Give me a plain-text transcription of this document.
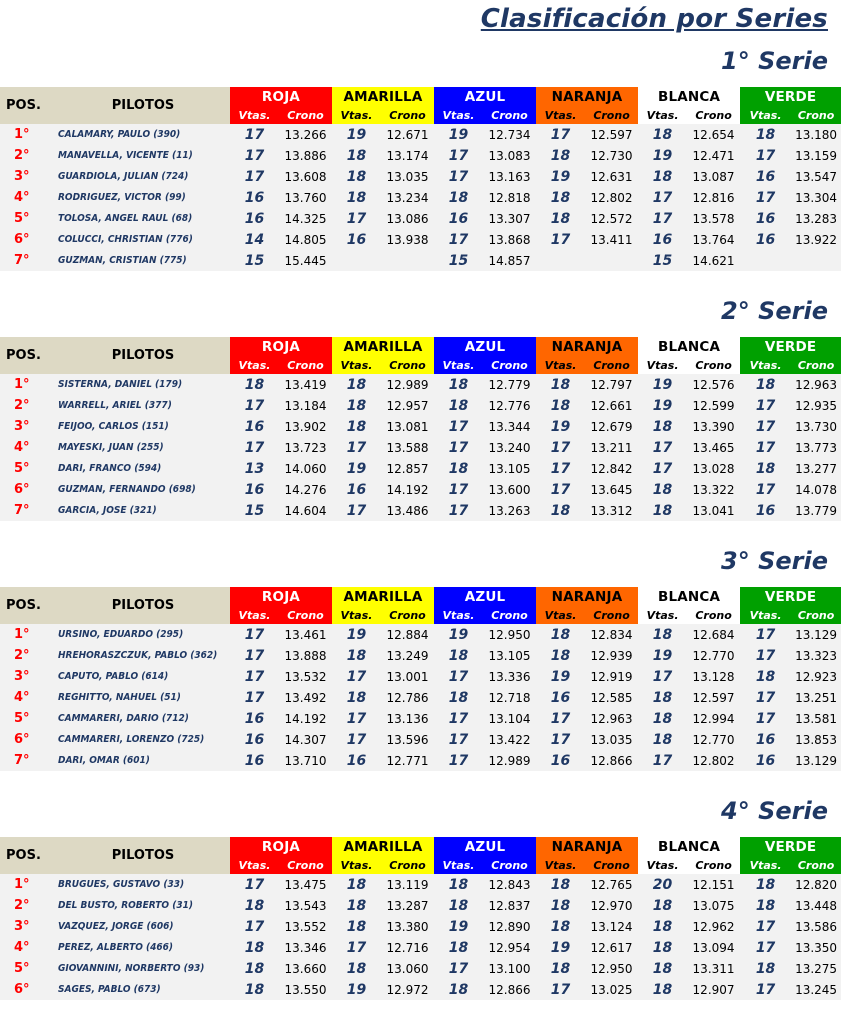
Clasificación por Series
1° Serie
POS.	PILOTOS	ROJA		AMARILLA		AZUL		NARANJA		BLANCA		VERDE	
		Vtas.	Crono	Vtas.	Crono	Vtas.	Crono	Vtas.	Crono	Vtas.	Crono	Vtas.	Crono
1°	CALAMARY, PAULO (390)	17	13.266	19	12.671	19	12.734	17	12.597	18	12.654	18	13.180
2°	MANAVELLA, VICENTE (11)	17	13.886	18	13.174	17	13.083	18	12.730	19	12.471	17	13.159
3°	GUARDIOLA, JULIAN (724)	17	13.608	18	13.035	17	13.163	19	12.631	18	13.087	16	13.547
4°	RODRIGUEZ, VICTOR (99)	16	13.760	18	13.234	18	12.818	18	12.802	17	12.816	17	13.304
5°	TOLOSA, ANGEL RAUL (68)	16	14.325	17	13.086	16	13.307	18	12.572	17	13.578	16	13.283
6°	COLUCCI, CHRISTIAN (776)	14	14.805	16	13.938	17	13.868	17	13.411	16	13.764	16	13.922
7°	GUZMAN, CRISTIAN (775)	15	15.445			15	14.857			15	14.621		
2° Serie
POS.	PILOTOS	ROJA		AMARILLA		AZUL		NARANJA		BLANCA		VERDE	
		Vtas.	Crono	Vtas.	Crono	Vtas.	Crono	Vtas.	Crono	Vtas.	Crono	Vtas.	Crono
1°	SISTERNA, DANIEL (179)	18	13.419	18	12.989	18	12.779	18	12.797	19	12.576	18	12.963
2°	WARRELL, ARIEL (377)	17	13.184	18	12.957	18	12.776	18	12.661	19	12.599	17	12.935
3°	FEIJOO, CARLOS (151)	16	13.902	18	13.081	17	13.344	19	12.679	18	13.390	17	13.730
4°	MAYESKI, JUAN (255)	17	13.723	17	13.588	17	13.240	17	13.211	17	13.465	17	13.773
5°	DARI, FRANCO (594)	13	14.060	19	12.857	18	13.105	17	12.842	17	13.028	18	13.277
6°	GUZMAN, FERNANDO (698)	16	14.276	16	14.192	17	13.600	17	13.645	18	13.322	17	14.078
7°	GARCIA, JOSE (321)	15	14.604	17	13.486	17	13.263	18	13.312	18	13.041	16	13.779
3° Serie
POS.	PILOTOS	ROJA		AMARILLA		AZUL		NARANJA		BLANCA		VERDE	
		Vtas.	Crono	Vtas.	Crono	Vtas.	Crono	Vtas.	Crono	Vtas.	Crono	Vtas.	Crono
1°	URSINO, EDUARDO (295)	17	13.461	19	12.884	19	12.950	18	12.834	18	12.684	17	13.129
2°	HREHORASZCZUK, PABLO (362)	17	13.888	18	13.249	18	13.105	18	12.939	19	12.770	17	13.323
3°	CAPUTO, PABLO (614)	17	13.532	17	13.001	17	13.336	19	12.919	17	13.128	18	12.923
4°	REGHITTO, NAHUEL (51)	17	13.492	18	12.786	18	12.718	16	12.585	18	12.597	17	13.251
5°	CAMMARERI, DARIO (712)	16	14.192	17	13.136	17	13.104	17	12.963	18	12.994	17	13.581
6°	CAMMARERI, LORENZO (725)	16	14.307	17	13.596	17	13.422	17	13.035	18	12.770	16	13.853
7°	DARI, OMAR (601)	16	13.710	16	12.771	17	12.989	16	12.866	17	12.802	16	13.129
4° Serie
POS.	PILOTOS	ROJA		AMARILLA		AZUL		NARANJA		BLANCA		VERDE	
		Vtas.	Crono	Vtas.	Crono	Vtas.	Crono	Vtas.	Crono	Vtas.	Crono	Vtas.	Crono
1°	BRUGUES, GUSTAVO (33)	17	13.475	18	13.119	18	12.843	18	12.765	20	12.151	18	12.820
2°	DEL BUSTO, ROBERTO (31)	18	13.543	18	13.287	18	12.837	18	12.970	18	13.075	18	13.448
3°	VAZQUEZ, JORGE (606)	17	13.552	18	13.380	19	12.890	18	13.124	18	12.962	17	13.586
4°	PEREZ, ALBERTO (466)	18	13.346	17	12.716	18	12.954	19	12.617	18	13.094	17	13.350
5°	GIOVANNINI, NORBERTO (93)	18	13.660	18	13.060	17	13.100	18	12.950	18	13.311	18	13.275
6°	SAGES, PABLO (673)	18	13.550	19	12.972	18	12.866	17	13.025	18	12.907	17	13.245
